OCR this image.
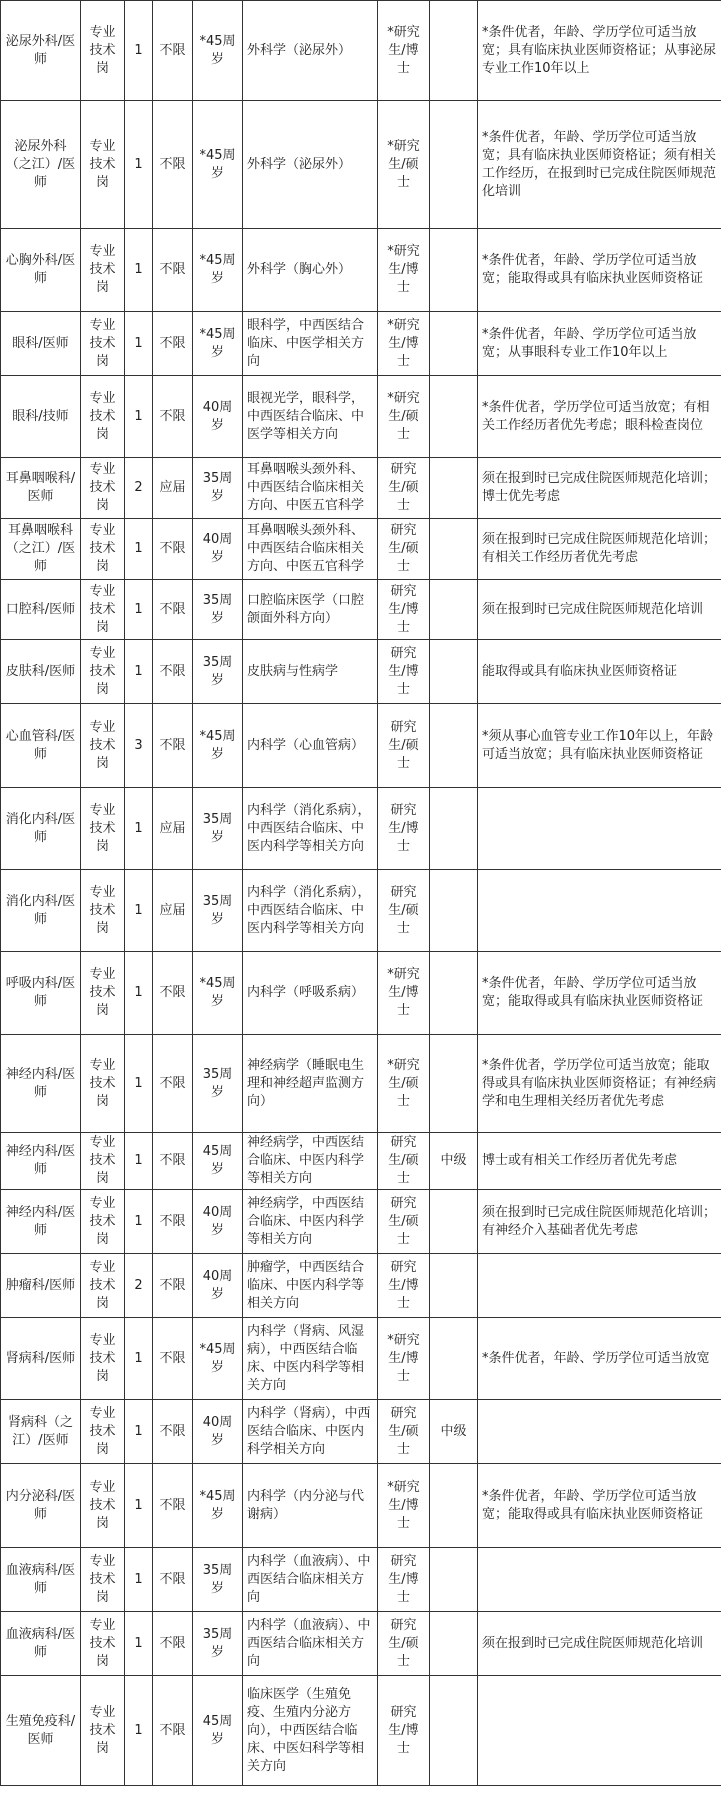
泌尿外科/医师	专业技术岗	1	不限	*45周岁	外科学（泌尿外）	*研究生/博士		*条件优者，年龄、学历学位可适当放宽；具有临床执业医师资格证；从事泌尿专业工作10年以上
泌尿外科（之江）/医师	专业技术岗	1	不限	*45周岁	外科学（泌尿外）	*研究生/硕士		*条件优者，年龄、学历学位可适当放宽；具有临床执业医师资格证；须有相关工作经历，在报到时已完成住院医师规范化培训
心胸外科/医师	专业技术岗	1	不限	*45周岁	外科学（胸心外）	*研究生/博士		*条件优者，年龄、学历学位可适当放宽；能取得或具有临床执业医师资格证
眼科/医师	专业技术岗	1	不限	*45周岁	眼科学，中西医结合临床、中医学相关方向	*研究生/博士		*条件优者，年龄、学历学位可适当放宽；从事眼科专业工作10年以上
眼科/技师	专业技术岗	1	不限	40周岁	眼视光学，眼科学，中西医结合临床、中医学等相关方向	*研究生/硕士		*条件优者，学历学位可适当放宽；有相关工作经历者优先考虑；眼科检查岗位
耳鼻咽喉科/医师	专业技术岗	2	应届	35周岁	耳鼻咽喉头颈外科、中西医结合临床相关方向、中医五官科学	研究生/硕士		须在报到时已完成住院医师规范化培训；博士优先考虑
耳鼻咽喉科（之江）/医师	专业技术岗	1	不限	40周岁	耳鼻咽喉头颈外科、中西医结合临床相关方向、中医五官科学	研究生/硕士		须在报到时已完成住院医师规范化培训；有相关工作经历者优先考虑
口腔科/医师	专业技术岗	1	不限	35周岁	口腔临床医学（口腔颌面外科方向）	研究生/博士		须在报到时已完成住院医师规范化培训
皮肤科/医师	专业技术岗	1	不限	35周岁	皮肤病与性病学	研究生/博士		能取得或具有临床执业医师资格证
心血管科/医师	专业技术岗	3	不限	*45周岁	内科学（心血管病）	研究生/硕士		*须从事心血管专业工作10年以上，年龄可适当放宽；具有临床执业医师资格证
消化内科/医师	专业技术岗	1	应届	35周岁	内科学（消化系病），中西医结合临床、中医内科学等相关方向	研究生/博士		
消化内科/医师	专业技术岗	1	应届	35周岁	内科学（消化系病），中西医结合临床、中医内科学等相关方向	研究生/硕士		
呼吸内科/医师	专业技术岗	1	不限	*45周岁	内科学（呼吸系病）	*研究生/博士		*条件优者，年龄、学历学位可适当放宽；能取得或具有临床执业医师资格证
神经内科/医师	专业技术岗	1	不限	35周岁	神经病学（睡眠电生理和神经超声监测方向）	*研究生/硕士		*条件优者，学历学位可适当放宽；能取得或具有临床执业医师资格证；有神经病学和电生理相关经历者优先考虑
神经内科/医师	专业技术岗	1	不限	45周岁	神经病学，中西医结合临床、中医内科学等相关方向	研究生/硕士	中级	博士或有相关工作经历者优先考虑
神经内科/医师	专业技术岗	1	不限	40周岁	神经病学，中西医结合临床、中医内科学等相关方向	研究生/硕士		须在报到时已完成住院医师规范化培训；有神经介入基础者优先考虑
肿瘤科/医师	专业技术岗	2	不限	40周岁	肿瘤学，中西医结合临床、中医内科学等相关方向	研究生/博士		
肾病科/医师	专业技术岗	1	不限	*45周岁	内科学（肾病、风湿病），中西医结合临床、中医内科学等相关方向	*研究生/博士		*条件优者，年龄、学历学位可适当放宽
肾病科（之江）/医师	专业技术岗	1	不限	40周岁	内科学（肾病），中西医结合临床、中医内科学相关方向	研究生/硕士	中级	
内分泌科/医师	专业技术岗	1	不限	*45周岁	内科学（内分泌与代谢病）	*研究生/博士		*条件优者，年龄、学历学位可适当放宽；能取得或具有临床执业医师资格证
血液病科/医师	专业技术岗	1	不限	35周岁	内科学（血液病）、中西医结合临床相关方向	研究生/博士		
血液病科/医师	专业技术岗	1	不限	35周岁	内科学（血液病）、中西医结合临床相关方向	研究生/硕士		须在报到时已完成住院医师规范化培训
生殖免疫科/医师	专业技术岗	1	不限	45周岁	临床医学（生殖免疫、生殖内分泌方向），中西医结合临床、中医妇科学等相关方向	研究生/博士		
